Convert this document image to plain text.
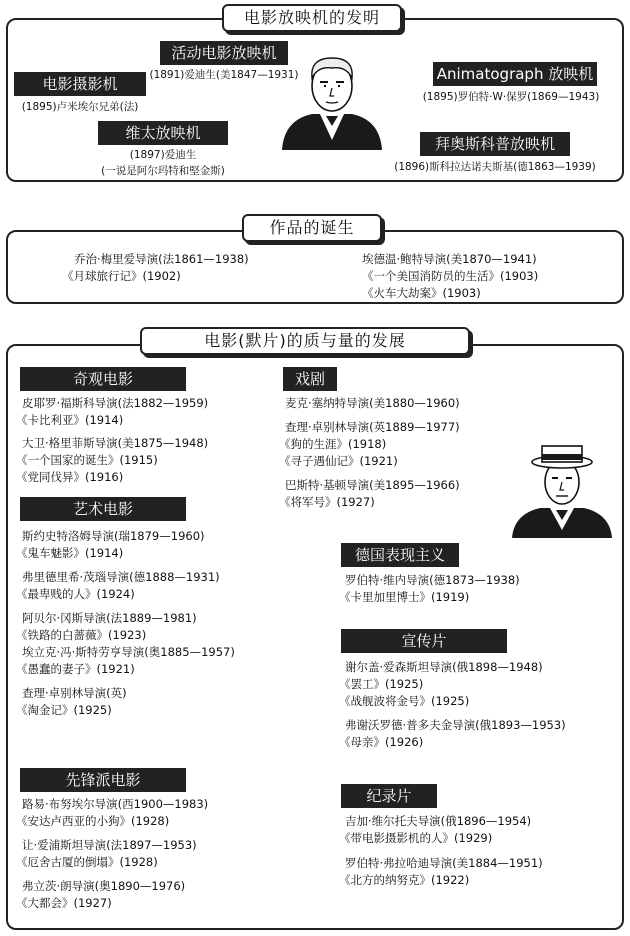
电影放映机的发明
电影摄影机
(1895)卢米埃尔兄弟(法)
活动电影放映机
(1891)爱迪生(美1847—1931)
维太放映机
(1897)爱迪生
(一说是阿尔玛特和堅金斯)
Animatograph 放映机
(1895)罗伯特·W·保罗(1869—1943)
拜奥斯科普放映机
(1896)斯科拉达诺夫斯基(德1863—1939)
作品的诞生
乔治·梅里爱导演(法1861—1938)
《月球旅行记》(1902)
埃德温·鲍特导演(美1870—1941)
《一个美国消防员的生活》(1903)
《火车大劫案》(1903)
电影(默片)的质与量的发展
奇观电影
皮耶罗·福斯科导演(法1882—1959)
《卡比利亚》(1914)
大卫·格里菲斯导演(美1875—1948)
《一个国家的诞生》(1915)
《党同伐异》(1916)
艺术电影
斯约史特洛姆导演(瑞1879—1960)
《鬼车魅影》(1914)
弗里德里希·茂瑙导演(德1888—1931)
《最卑贱的人》(1924)
阿贝尔·冈斯导演(法1889—1981)
《铁路的白蔷薇》(1923)
埃立克·冯·斯特劳亨导演(奥1885—1957)
《愚蠢的妻子》(1921)
查理·卓别林导演(英)
《淘金记》(1925)
先锋派电影
路易·布努埃尔导演(西1900—1983)
《安达卢西亚的小狗》(1928)
让·爱浦斯坦导演(法1897—1953)
《厄舍古厦的倒塌》(1928)
弗立茨·朗导演(奥1890—1976)
《大都会》(1927)
戏剧
麦克·塞纳特导演(美1880—1960)
查理·卓别林导演(英1889—1977)
《狗的生涯》(1918)
《寻子遇仙记》(1921)
巴斯特·基顿导演(美1895—1966)
《将军号》(1927)
德国表现主义
罗伯特·维内导演(德1873—1938)
《卡里加里博士》(1919)
宣传片
谢尔盖·爱森斯坦导演(俄1898—1948)
《罢工》(1925)
《战舰波将金号》(1925)
弗谢沃罗德·普多夫金导演(俄1893—1953)
《母亲》(1926)
纪录片
吉加·维尔托夫导演(俄1896—1954)
《带电影摄影机的人》(1929)
罗伯特·弗拉哈迪导演(美1884—1951)
《北方的纳努克》(1922)
